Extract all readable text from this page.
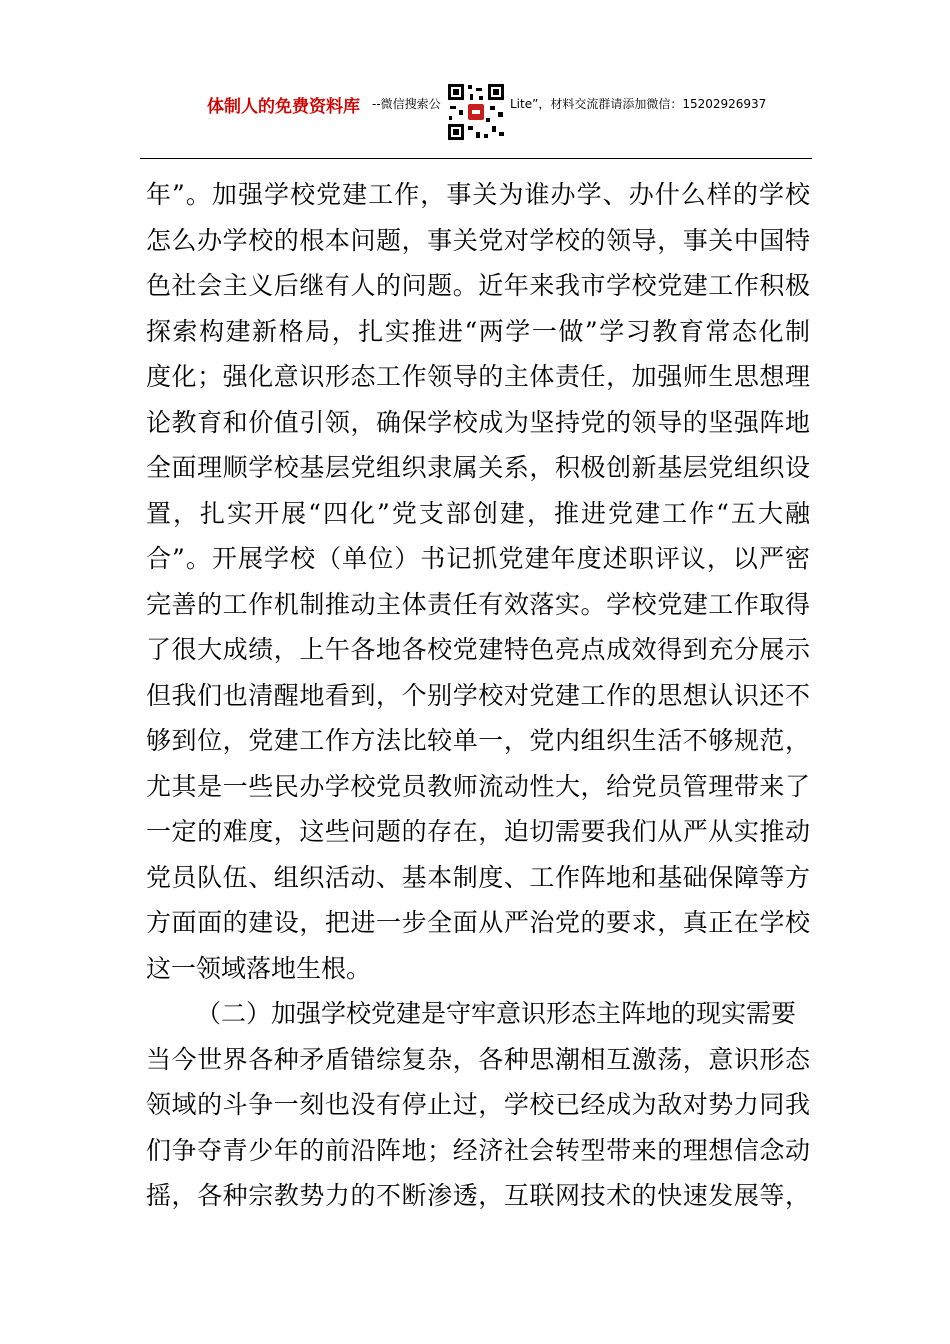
体制人的免费资料库 --微信搜索公	Lite”，材料交流群请添加微信：15202926937
年”。加强学校党建工作，事关为谁办学、办什么样的学校
怎么办学校的根本问题，事关党对学校的领导，事关中国特
色社会主义后继有人的问题。近年来我市学校党建工作积极
探索构建新格局，扎实推进“两学一做”学习教育常态化制
度化；强化意识形态工作领导的主体责任，加强师生思想理
论教育和价值引领，确保学校成为坚持党的领导的坚强阵地
全面理顺学校基层党组织隶属关系，积极创新基层党组织设
置，扎实开展“四化”党支部创建，推进党建工作“五大融
合”。开展学校（单位）书记抓党建年度述职评议，以严密
完善的工作机制推动主体责任有效落实。学校党建工作取得
了很大成绩，上午各地各校党建特色亮点成效得到充分展示
但我们也清醒地看到，个别学校对党建工作的思想认识还不
够到位，党建工作方法比较单一，党内组织生活不够规范，
尤其是一些民办学校党员教师流动性大，给党员管理带来了
一定的难度，这些问题的存在，迫切需要我们从严从实推动
党员队伍、组织活动、基本制度、工作阵地和基础保障等方
方面面的建设，把进一步全面从严治党的要求，真正在学校
这一领域落地生根。
（二）加强学校党建是守牢意识形态主阵地的现实需要
当今世界各种矛盾错综复杂，各种思潮相互激荡，意识形态
领域的斗争一刻也没有停止过，学校已经成为敌对势力同我
们争夺青少年的前沿阵地；经济社会转型带来的理想信念动
摇，各种宗教势力的不断渗透，互联网技术的快速发展等，
